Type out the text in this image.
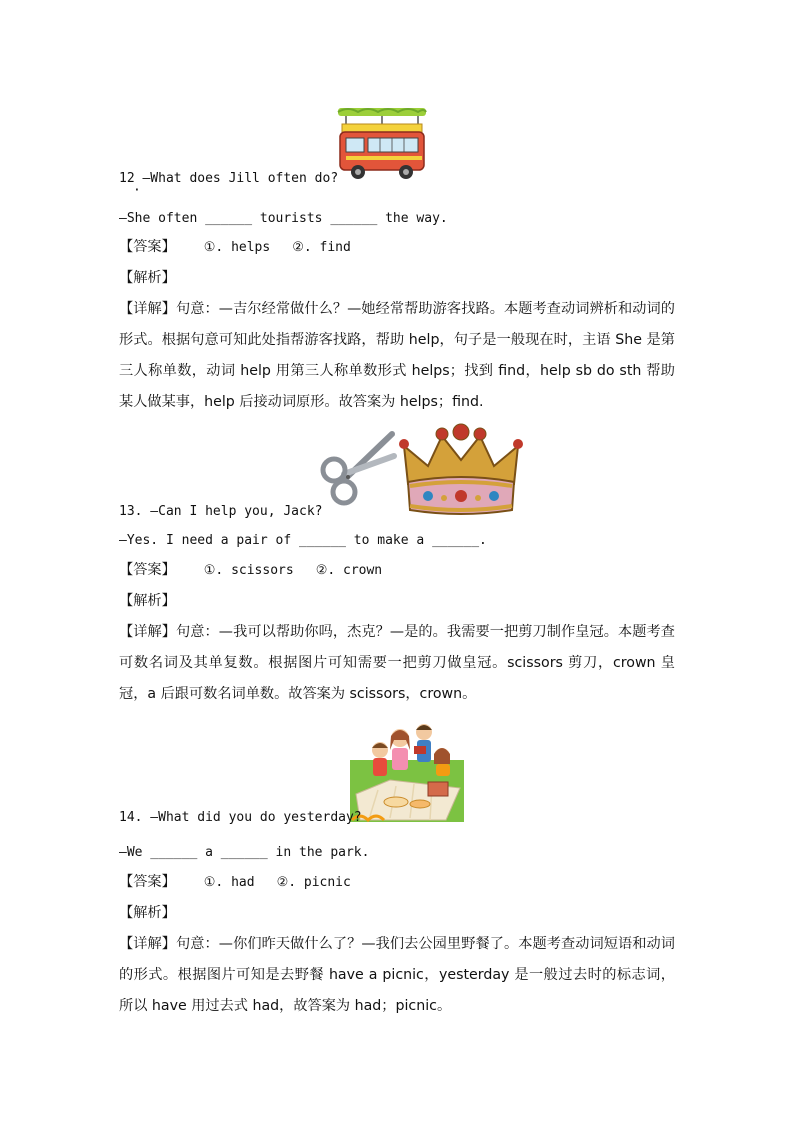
12 —What does Jill often do?
·
—She often ______ tourists ______ the way.
【答案】 ①. helps ②. find
【解析】
【详解】句意：—吉尔经常做什么？—她经常帮助游客找路。本题考查动词辨析和动词的形式。根据句意可知此处指帮游客找路，帮助 help，句子是一般现在时，主语 She 是第三人称单数，动词 help 用第三人称单数形式 helps；找到 find，help sb do sth 帮助某人做某事，help 后接动词原形。故答案为 helps；find.
13. —Can I help you, Jack?
—Yes. I need a pair of ______ to make a ______.
【答案】 ①. scissors ②. crown
【解析】
【详解】句意：—我可以帮助你吗，杰克？—是的。我需要一把剪刀制作皇冠。本题考查可数名词及其单复数。根据图片可知需要一把剪刀做皇冠。scissors 剪刀，crown 皇冠，a 后跟可数名词单数。故答案为 scissors，crown。
14. —What did you do yesterday?
—We ______ a ______ in the park.
【答案】 ①. had ②. picnic
【解析】
【详解】句意：—你们昨天做什么了？—我们去公园里野餐了。本题考查动词短语和动词的形式。根据图片可知是去野餐 have a picnic，yesterday 是一般过去时的标志词，所以 have 用过去式 had，故答案为 had；picnic。
